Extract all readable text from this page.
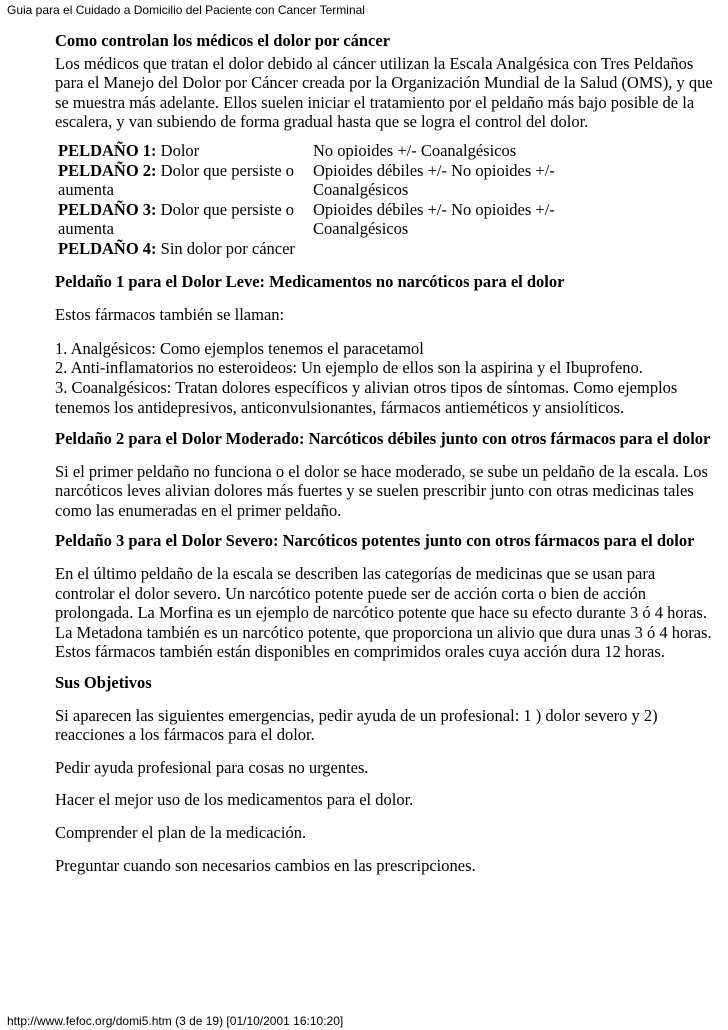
Guia para el Cuidado a Domicilio del Paciente con Cancer Terminal

Como controlan los médicos el dolor por cáncer

Los médicos que tratan el dolor debido al cáncer utilizan la Escala Analgésica con Tres Peldaños para el Manejo del Dolor por Cáncer creada por la Organización Mundial de la Salud (OMS), y que se muestra más adelante. Ellos suelen iniciar el tratamiento por el peldaño más bajo posible de la escalera, y van subiendo de forma gradual hasta que se logra el control del dolor.

PELDAÑO 1: Dolor	No opioides +/- Coanalgésicos
PELDAÑO 2: Dolor que persiste o aumenta	Opioides débiles +/- No opioides +/- Coanalgésicos
PELDAÑO 3: Dolor que persiste o aumenta	Opioides débiles +/- No opioides +/- Coanalgésicos
PELDAÑO 4: Sin dolor por cáncer	

Peldaño 1 para el Dolor Leve: Medicamentos no narcóticos para el dolor

Estos fármacos también se llaman:

1. Analgésicos: Como ejemplos tenemos el paracetamol

2. Anti-inflamatorios no esteroideos: Un ejemplo de ellos son la aspirina y el Ibuprofeno.

3. Coanalgésicos: Tratan dolores específicos y alivian otros tipos de síntomas. Como ejemplos tenemos los antidepresivos, anticonvulsionantes, fármacos antieméticos y ansiolíticos.

Peldaño 2 para el Dolor Moderado: Narcóticos débiles junto con otros fármacos para el dolor

Si el primer peldaño no funciona o el dolor se hace moderado, se sube un peldaño de la escala. Los narcóticos leves alivian dolores más fuertes y se suelen prescribir junto con otras medicinas tales como las enumeradas en el primer peldaño.

Peldaño 3 para el Dolor Severo: Narcóticos potentes junto con otros fármacos para el dolor

En el último peldaño de la escala se describen las categorías de medicinas que se usan para controlar el dolor severo. Un narcótico potente puede ser de acción corta o bien de acción prolongada. La Morfina es un ejemplo de narcótico potente que hace su efecto durante 3 ó 4 horas. La Metadona también es un narcótico potente, que proporciona un alivio que dura unas 3 ó 4 horas. Estos fármacos también están disponibles en comprimidos orales cuya acción dura 12 horas.

Sus Objetivos

Si aparecen las siguientes emergencias, pedir ayuda de un profesional: 1 ) dolor severo y 2) reacciones a los fármacos para el dolor.

Pedir ayuda profesional para cosas no urgentes.

Hacer el mejor uso de los medicamentos para el dolor.

Comprender el plan de la medicación.

Preguntar cuando son necesarios cambios en las prescripciones.

http://www.fefoc.org/domi5.htm (3 de 19) [01/10/2001 16:10:20]
